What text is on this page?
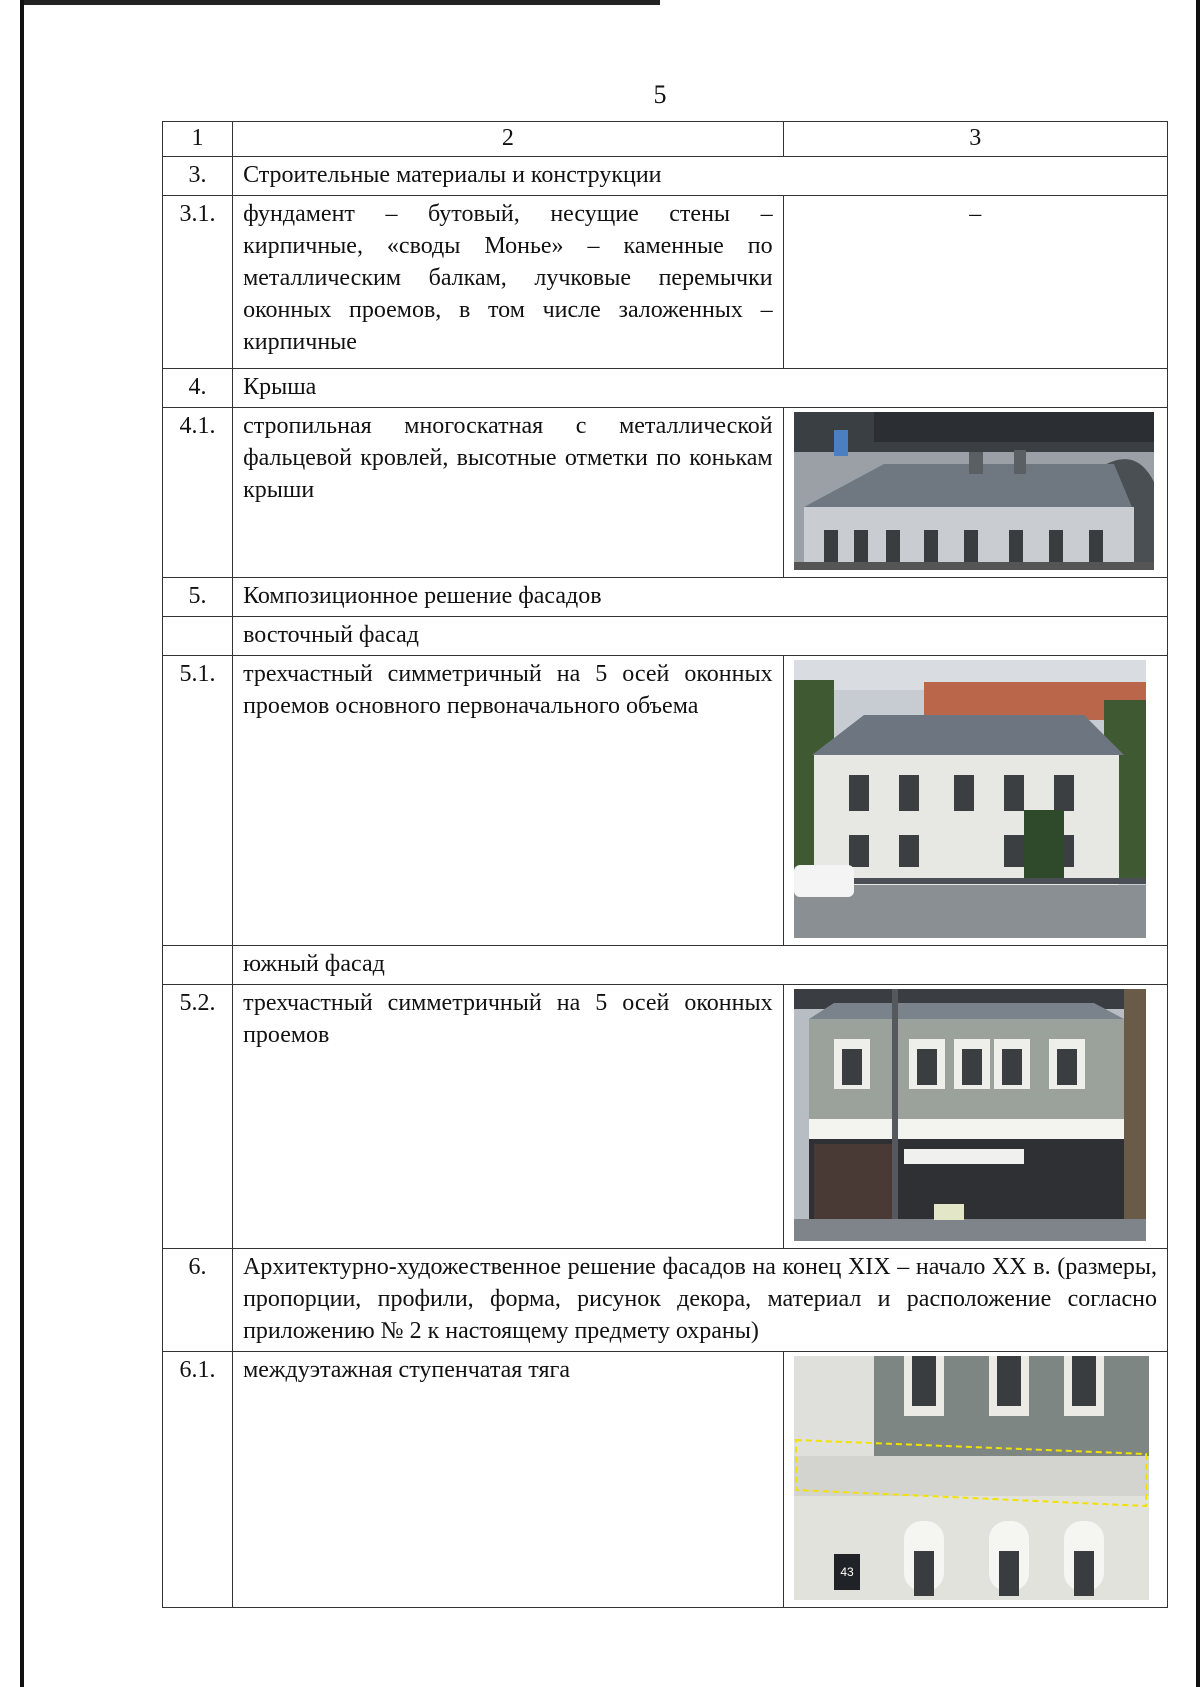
5
1	2	3
3.	Строительные материалы и конструкции	
3.1.	фундамент – бутовый, несущие стены – кирпичные, «своды Монье» – каменные по металлическим балкам, лучковые перемычки оконных проемов, в том числе заложенных – кирпичные	–
4.	Крыша	
4.1.	стропильная многоскатная с металлической фальцевой кровлей, высотные отметки по конькам крыши	

5.	Композиционное решение фасадов	
	восточный фасад	
5.1.	трехчастный симметричный на 5 осей оконных проемов основного первоначального объема	

	южный фасад	
5.2.	трехчастный симметричный на 5 осей оконных проемов	

6.	Архитектурно-художественное решение фасадов на конец XIX – начало XX в. (размеры, пропорции, профили, форма, рисунок декора, материал и расположение согласно приложению № 2 к настоящему предмету охраны)	
6.1.	междуэтажная ступенчатая тяга	43
